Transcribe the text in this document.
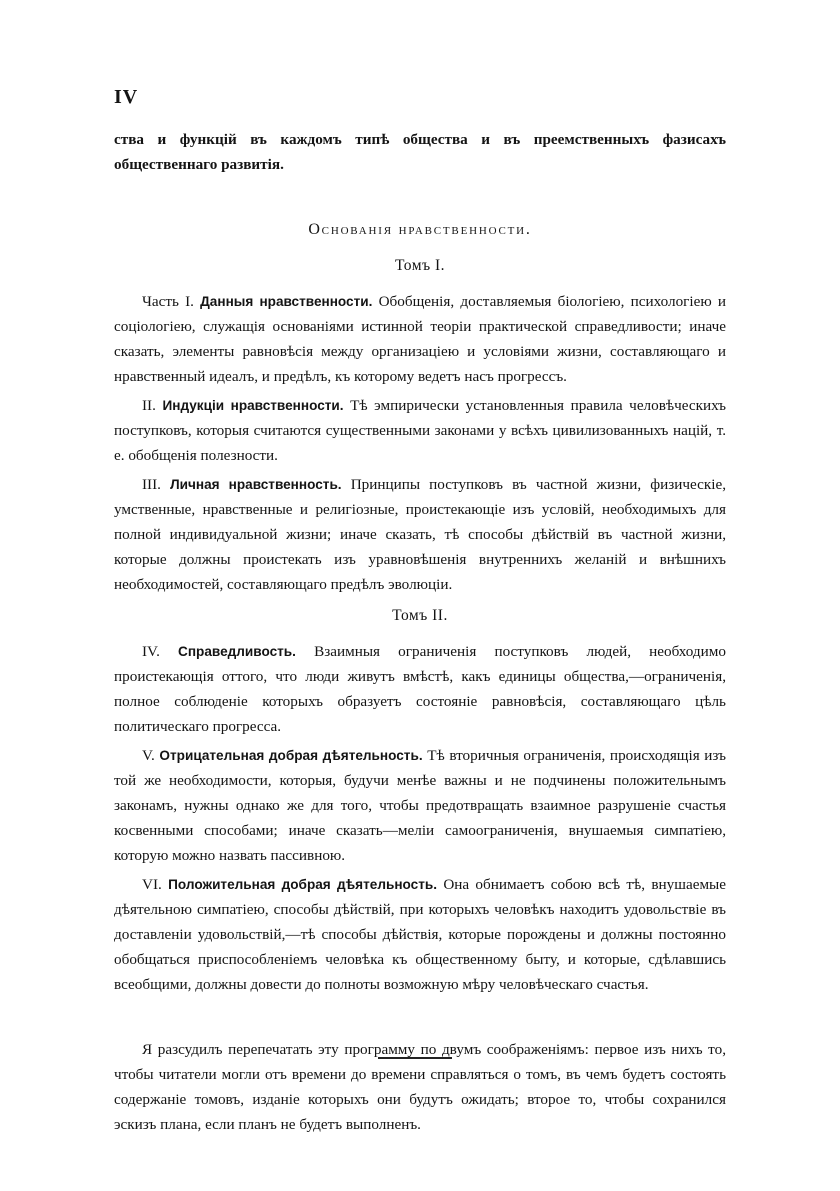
IV

ства и функцій въ каждомъ типѣ общества и въ преемственныхъ фазисахъ общественнаго развитія.

Основанія нравственности.
Томъ I.

Часть I. Данныя нравственности. Обобщенія, доставляемыя біологіею, психологіею и соціологіею, служащія основаніями истинной теоріи практической справедливости; иначе сказать, элементы равновѣсія между организаціею и условіями жизни, составляющаго и нравственный идеалъ, и предѣлъ, къ которому ведетъ насъ прогрессъ.

II. Индукціи нравственности. Тѣ эмпирически установленныя правила человѣческихъ поступковъ, которыя считаются существенными законами у всѣхъ цивилизованныхъ націй, т. е. обобщенія полезности.

III. Личная нравственность. Принципы поступковъ въ частной жизни, физическіе, умственные, нравственные и религіозные, проистекающіе изъ условій, необходимыхъ для полной индивидуальной жизни; иначе сказать, тѣ способы дѣйствій въ частной жизни, которые должны проистекать изъ уравновѣшенія внутреннихъ желаній и внѣшнихъ необходимостей, составляющаго предѣлъ эволюціи.

Томъ II.

IV. Справедливость. Взаимныя ограниченія поступковъ людей, необходимо проистекающія оттого, что люди живутъ вмѣстѣ, какъ единицы общества,—ограниченія, полное соблюденіе которыхъ образуетъ состояніе равновѣсія, составляющаго цѣль политическаго прогресса.

V. Отрицательная добрая дѣятельность. Тѣ вторичныя ограниченія, происходящія изъ той же необходимости, которыя, будучи менѣе важны и не подчинены положительнымъ законамъ, нужны однако же для того, чтобы предотвращать взаимное разрушеніе счастья косвенными способами; иначе сказать—меліи самоограниченія, внушаемыя симпатіею, которую можно назвать пассивною.

VI. Положительная добрая дѣятельность. Она обнимаетъ собою всѣ тѣ, внушаемые дѣятельною симпатіею, способы дѣйствій, при которыхъ человѣкъ находитъ удовольствіе въ доставленіи удовольствій,—тѣ способы дѣйствія, которые порождены и должны постоянно обобщаться приспособленіемъ человѣка къ общественному быту, и которые, сдѣлавшись всеобщими, должны довести до полноты возможную мѣру человѣческаго счастья.

Я разсудилъ перепечатать эту программу по двумъ соображеніямъ: первое изъ нихъ то, чтобы читатели могли отъ времени до времени справляться о томъ, въ чемъ будетъ состоять содержаніе томовъ, изданіе которыхъ они будутъ ожидать; второе то, чтобы сохранился эскизъ плана, если планъ не будетъ выполненъ.
